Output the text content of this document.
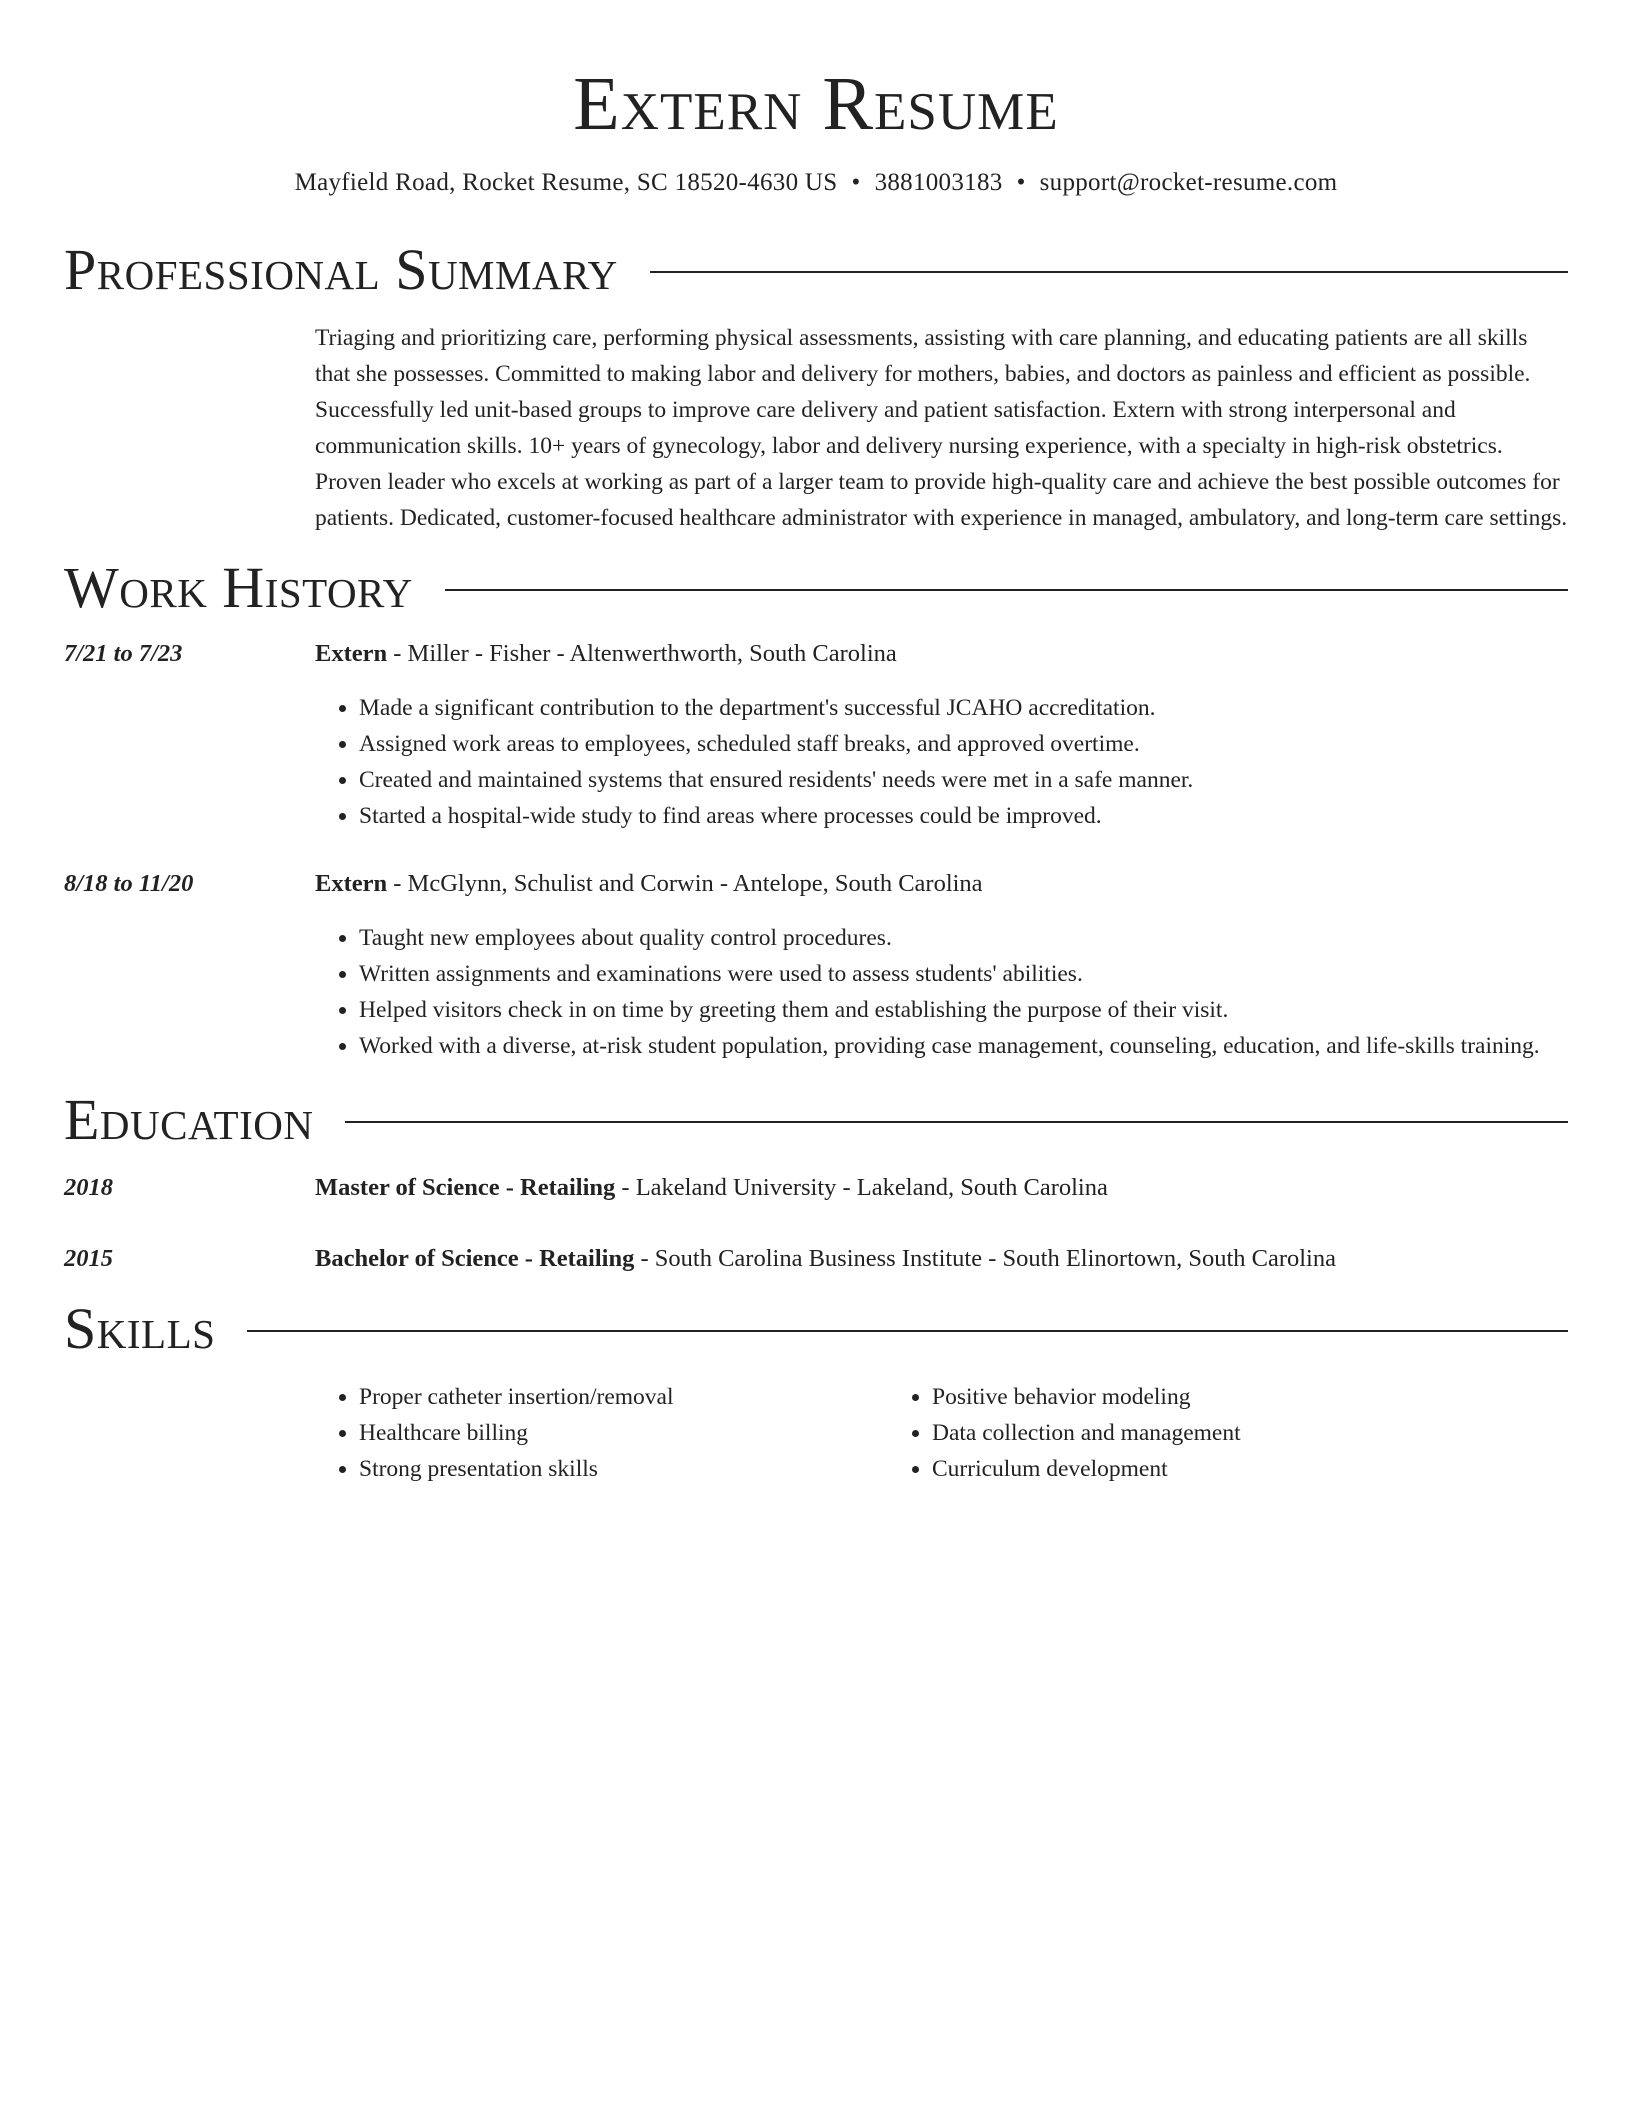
Extern Resume
Mayfield Road, Rocket Resume, SC 18520-4630 US • 3881003183 • support@rocket-resume.com
Professional Summary
Triaging and prioritizing care, performing physical assessments, assisting with care planning, and educating patients are all skills that she possesses. Committed to making labor and delivery for mothers, babies, and doctors as painless and efficient as possible. Successfully led unit-based groups to improve care delivery and patient satisfaction. Extern with strong interpersonal and communication skills. 10+ years of gynecology, labor and delivery nursing experience, with a specialty in high-risk obstetrics. Proven leader who excels at working as part of a larger team to provide high-quality care and achieve the best possible outcomes for patients. Dedicated, customer-focused healthcare administrator with experience in managed, ambulatory, and long-term care settings.
Work History
7/21 to 7/23	Extern - Miller - Fisher - Altenwerthworth, South Carolina
• Made a significant contribution to the department's successful JCAHO accreditation.
• Assigned work areas to employees, scheduled staff breaks, and approved overtime.
• Created and maintained systems that ensured residents' needs were met in a safe manner.
• Started a hospital-wide study to find areas where processes could be improved.
8/18 to 11/20	Extern - McGlynn, Schulist and Corwin - Antelope, South Carolina
• Taught new employees about quality control procedures.
• Written assignments and examinations were used to assess students' abilities.
• Helped visitors check in on time by greeting them and establishing the purpose of their visit.
• Worked with a diverse, at-risk student population, providing case management, counseling, education, and life-skills training.
Education
2018	Master of Science - Retailing - Lakeland University - Lakeland, South Carolina
2015	Bachelor of Science - Retailing - South Carolina Business Institute - South Elinortown, South Carolina
Skills
• Proper catheter insertion/removal
• Healthcare billing
• Strong presentation skills
• Positive behavior modeling
• Data collection and management
• Curriculum development
